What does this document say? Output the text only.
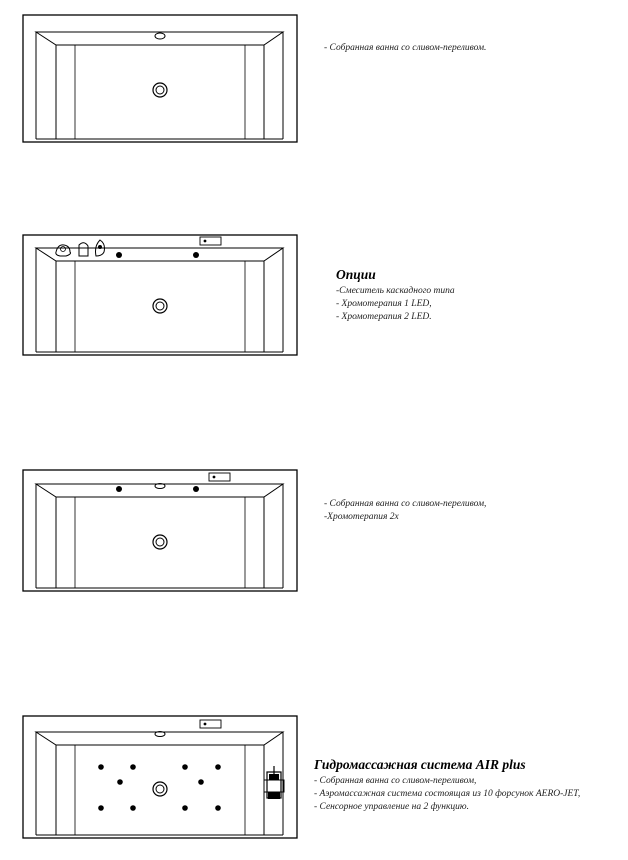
- Собранная ванна со сливом-переливом.
Опции
-Смеситель каскадного типа
- Хромотерапия 1 LED,
- Хромотерапия 2 LED.
- Собранная ванна со сливом-переливом,
-Хромотерапия 2х
Гидромассажная система AIR plus
- Собранная ванна со сливом-переливом,
- Аэромассажная система состоящая из 10 форсунок AERO-JET,
- Сенсорное управление на 2 функцию.
